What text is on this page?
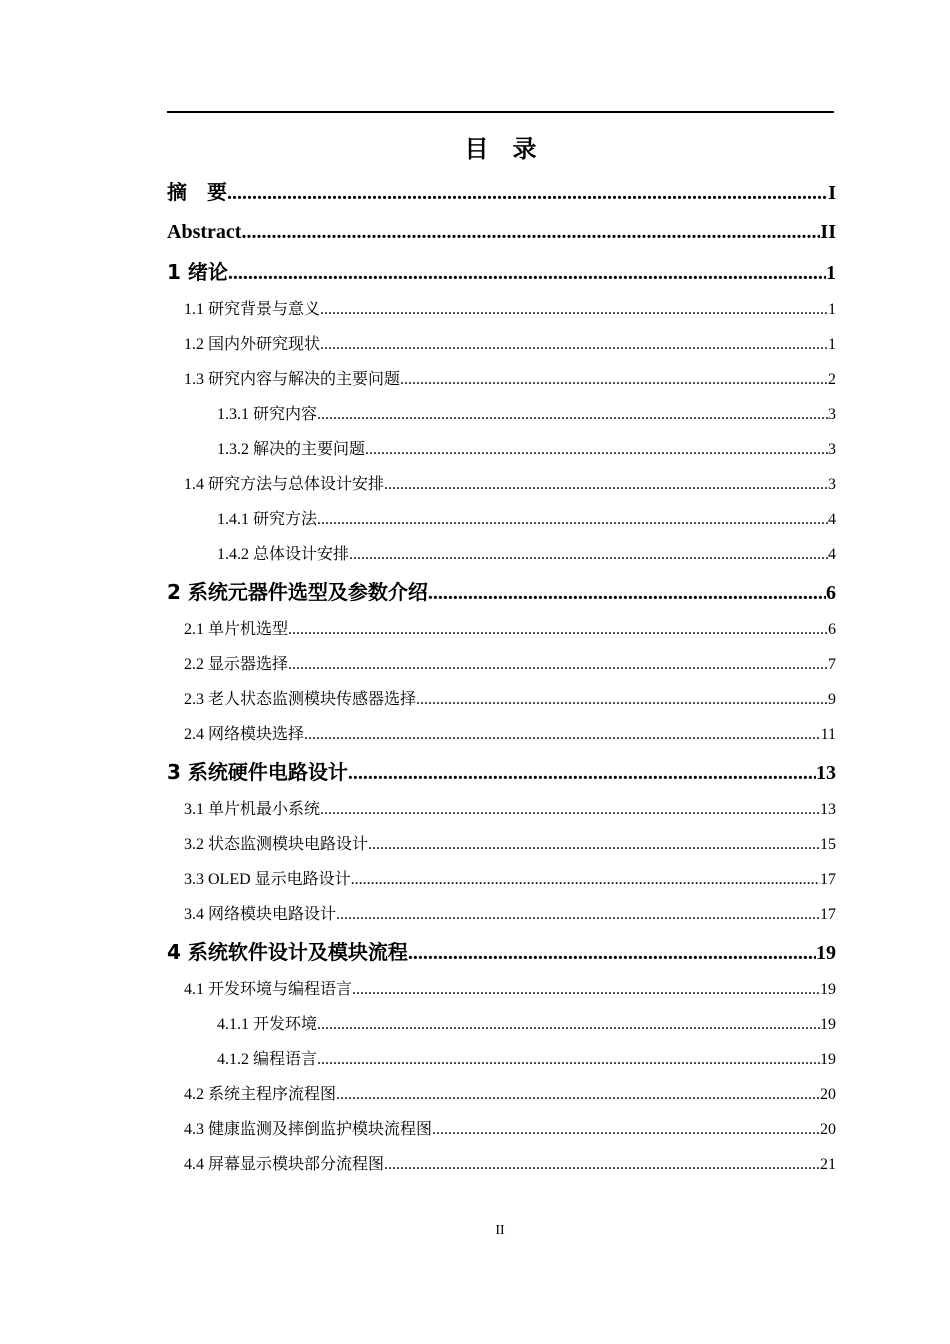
目　录
摘　要 .....	I
Abstract .....	II
1 绪论 .....	1
1.1 研究背景与意义 .....	1
1.2 国内外研究现状 .....	1
1.3 研究内容与解决的主要问题 .....	2
1.3.1 研究内容 .....	3
1.3.2 解决的主要问题 .....	3
1.4 研究方法与总体设计安排 .....	3
1.4.1 研究方法 .....	4
1.4.2 总体设计安排 .....	4
2 系统元器件选型及参数介绍 .....	6
2.1 单片机选型 .....	6
2.2 显示器选择 .....	7
2.3 老人状态监测模块传感器选择 .....	9
2.4 网络模块选择 .....	11
3 系统硬件电路设计 .....	13
3.1 单片机最小系统 .....	13
3.2 状态监测模块电路设计 .....	15
3.3 OLED 显示电路设计 .....	17
3.4 网络模块电路设计 .....	17
4 系统软件设计及模块流程 .....	19
4.1 开发环境与编程语言 .....	19
4.1.1 开发环境 .....	19
4.1.2 编程语言 .....	19
4.2 系统主程序流程图 .....	20
4.3 健康监测及摔倒监护模块流程图 .....	20
4.4 屏幕显示模块部分流程图 .....	21
II
